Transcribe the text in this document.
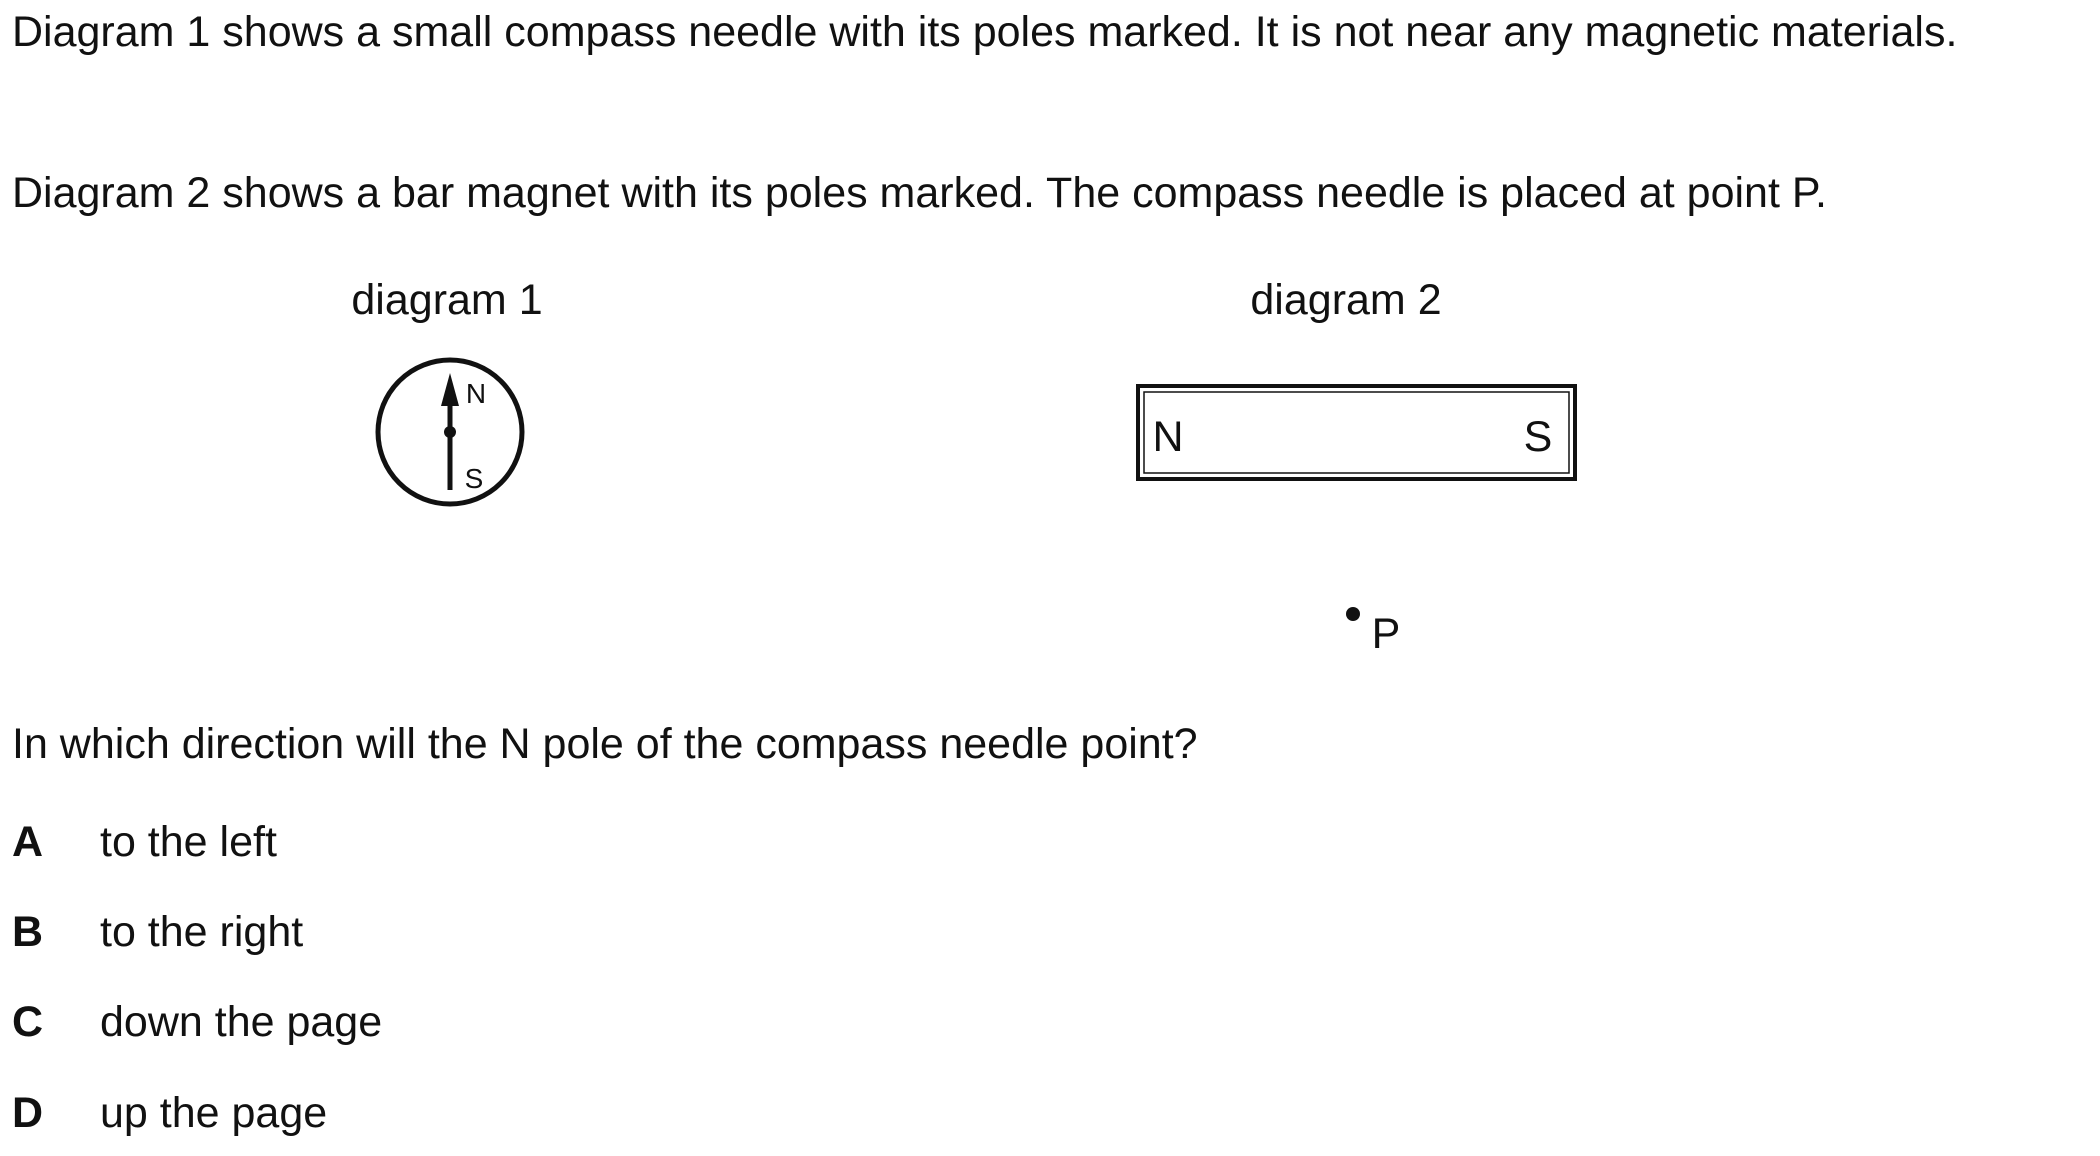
Diagram 1 shows a small compass needle with its poles marked. It is not near any magnetic materials.

Diagram 2 shows a bar magnet with its poles marked. The compass needle is placed at point P.

diagram 1	diagram 2
N
S
N	S
P

In which direction will the N pole of the compass needle point?

A to the left
B to the right
C down the page
D up the page
